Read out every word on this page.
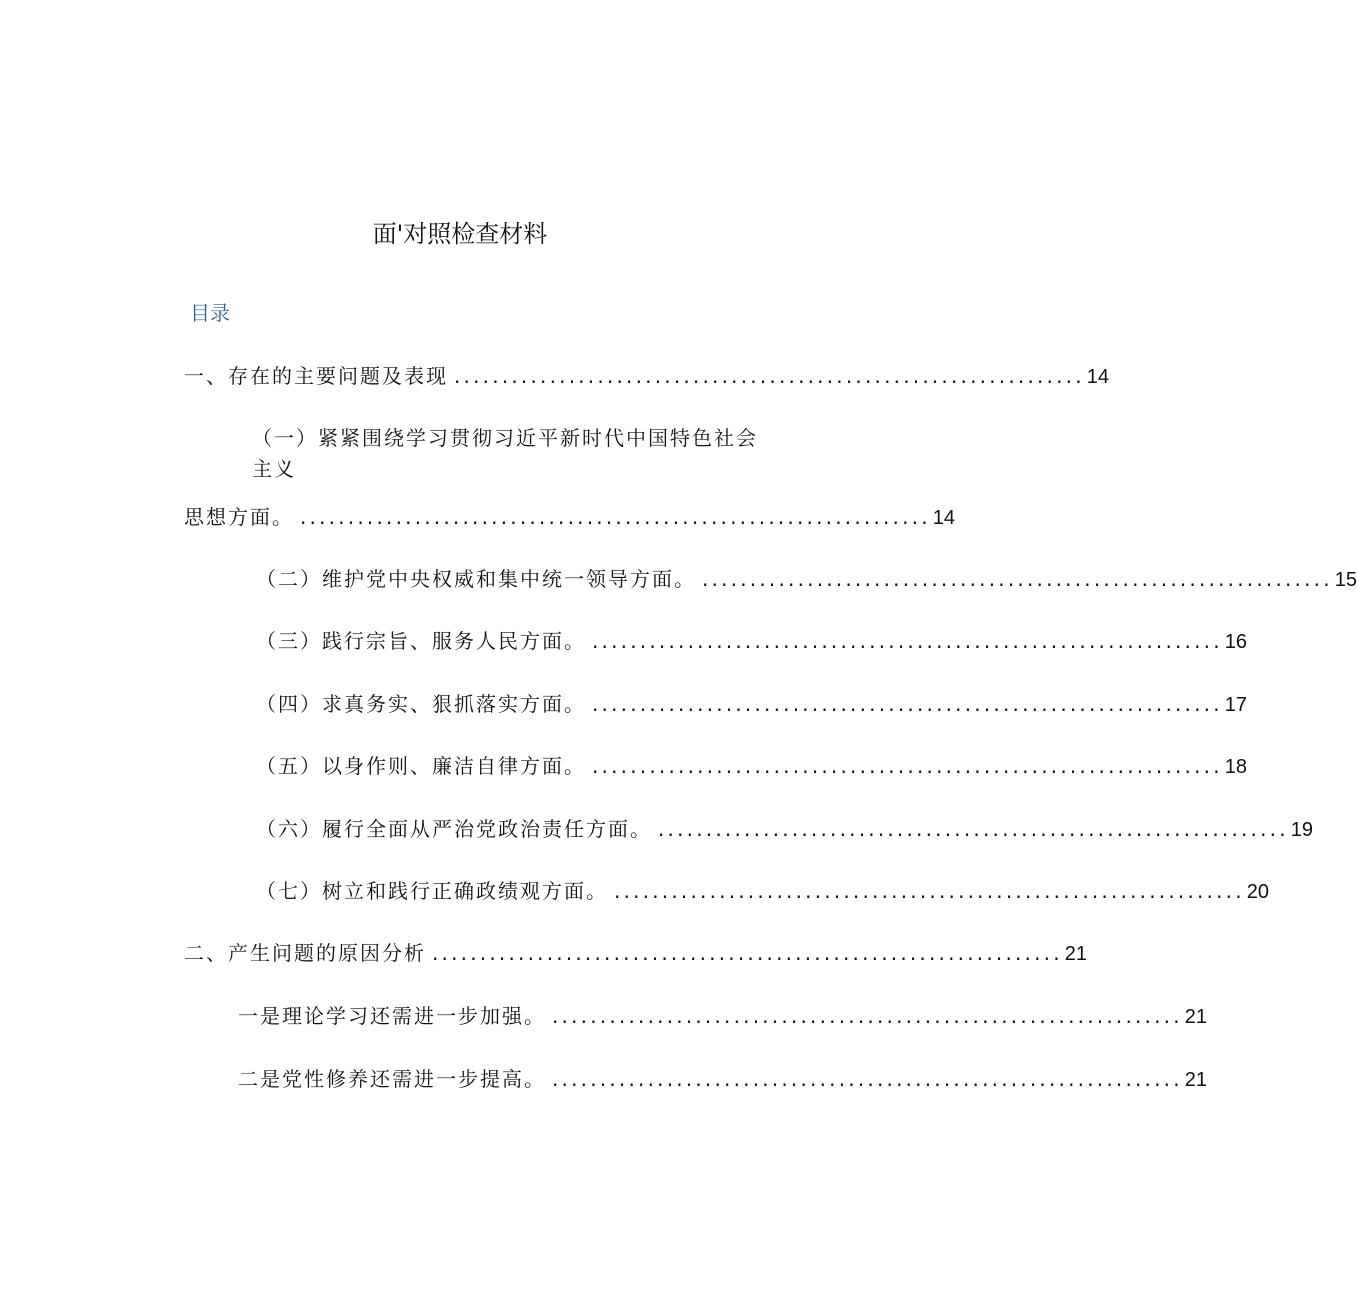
面'对照检查材料
目录
一、存在的主要问题及表现 .................................................................. 14
（一）紧紧围绕学习贯彻习近平新时代中国特色社会
主义
思想方面。 .................................................................. 14
（二）维护党中央权威和集中统一领导方面。 .................................................................. 15
（三）践行宗旨、服务人民方面。 .................................................................. 16
（四）求真务实、狠抓落实方面。 .................................................................. 17
（五）以身作则、廉洁自律方面。 .................................................................. 18
（六）履行全面从严治党政治责任方面。 .................................................................. 19
（七）树立和践行正确政绩观方面。 .................................................................. 20
二、产生问题的原因分析 .................................................................. 21
一是理论学习还需进一步加强。 .................................................................. 21
二是党性修养还需进一步提高。 .................................................................. 21
